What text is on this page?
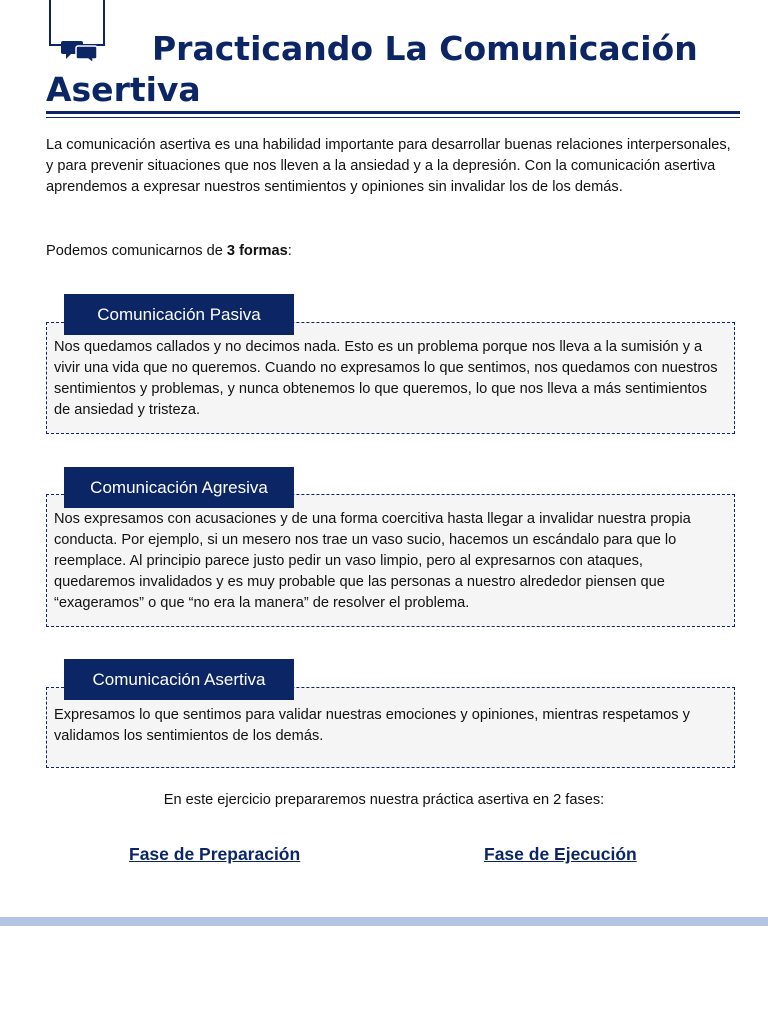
Practicando La Comunicación Asertiva

La comunicación asertiva es una habilidad importante para desarrollar buenas relaciones interpersonales, y para prevenir situaciones que nos lleven a la ansiedad y a la depresión. Con la comunicación asertiva aprendemos a expresar nuestros sentimientos y opiniones sin invalidar los de los demás.

Podemos comunicarnos de 3 formas:

Nos quedamos callados y no decimos nada. Esto es un problema porque nos lleva a la sumisión y a vivir una vida que no queremos. Cuando no expresamos lo que sentimos, nos quedamos con nuestros sentimientos y problemas, y nunca obtenemos lo que queremos, lo que nos lleva a más sentimientos de ansiedad y tristeza.

Comunicación Pasiva

Nos expresamos con acusaciones y de una forma coercitiva hasta llegar a invalidar nuestra propia conducta. Por ejemplo, si un mesero nos trae un vaso sucio, hacemos un escándalo para que lo reemplace. Al principio parece justo pedir un vaso limpio, pero al expresarnos con ataques, quedaremos invalidados y es muy probable que las personas a nuestro alrededor piensen que “exageramos” o que “no era la manera” de resolver el problema.

Comunicación Agresiva

Expresamos lo que sentimos para validar nuestras emociones y opiniones, mientras respetamos y validamos los sentimientos de los demás.

Comunicación Asertiva

En este ejercicio prepararemos nuestra práctica asertiva en 2 fases:

Fase de Preparación	Fase de Ejecución
